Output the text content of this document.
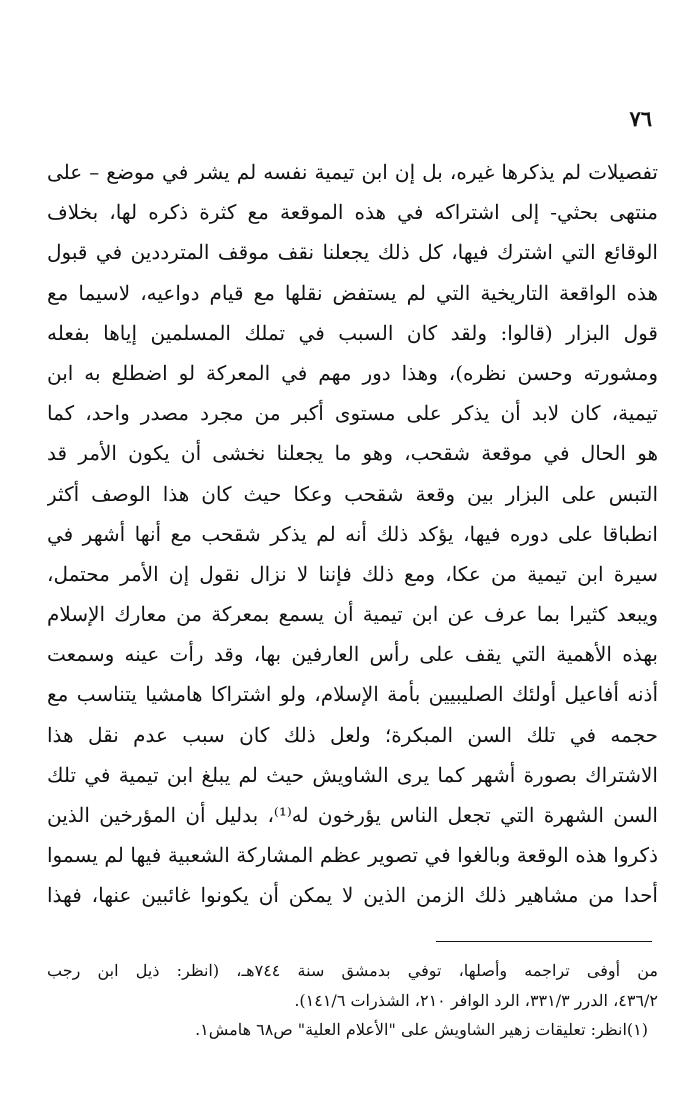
٧٦
تفصيلات لم يذكرها غيره، بل إن ابن تيمية نفسه لم يشر في موضع – على
منتهى بحثي- إلى اشتراكه في هذه الموقعة مع كثرة ذكره لها، بخلاف
الوقائع التي اشترك فيها، كل ذلك يجعلنا نقف موقف المترددين في قبول
هذه الواقعة التاريخية التي لم يستفض نقلها مع قيام دواعيه، لاسيما مع
قول البزار (قالوا: ولقد كان السبب في تملك المسلمين إياها بفعله
ومشورته وحسن نظره)، وهذا دور مهم في المعركة لو اضطلع به ابن
تيمية، كان لابد أن يذكر على مستوى أكبر من مجرد مصدر واحد، كما
هو الحال في موقعة شقحب، وهو ما يجعلنا نخشى أن يكون الأمر قد
التبس على البزار بين وقعة شقحب وعكا حيث كان هذا الوصف أكثر
انطباقا على دوره فيها، يؤكد ذلك أنه لم يذكر شقحب مع أنها أشهر في
سيرة ابن تيمية من عكا، ومع ذلك فإننا لا نزال نقول إن الأمر محتمل،
ويبعد كثيرا بما عرف عن ابن تيمية أن يسمع بمعركة من معارك الإسلام
بهذه الأهمية التي يقف على رأس العارفين بها، وقد رأت عينه وسمعت
أذنه أفاعيل أولئك الصليبيين بأمة الإسلام، ولو اشتراكا هامشيا يتناسب مع
حجمه في تلك السن المبكرة؛ ولعل ذلك كان سبب عدم نقل هذا
الاشتراك بصورة أشهر كما يرى الشاويش حيث لم يبلغ ابن تيمية في تلك
السن الشهرة التي تجعل الناس يؤرخون له⁽¹⁾، بدليل أن المؤرخين الذين
ذكروا هذه الوقعة وبالغوا في تصوير عظم المشاركة الشعبية فيها لم يسموا
أحدا من مشاهير ذلك الزمن الذين لا يمكن أن يكونوا غائبين عنها، فهذا
من أوفى تراجمه وأصلها، توفي بدمشق سنة ٧٤٤هـ، (انظر: ذيل ابن رجب
٤٣٦/٢، الدرر ٣٣١/٣، الرد الوافر ٢١٠، الشذرات ١٤١/٦).
(١)انظر: تعليقات زهير الشاويش على "الأعلام العلية" ص٦٨ هامش١.
